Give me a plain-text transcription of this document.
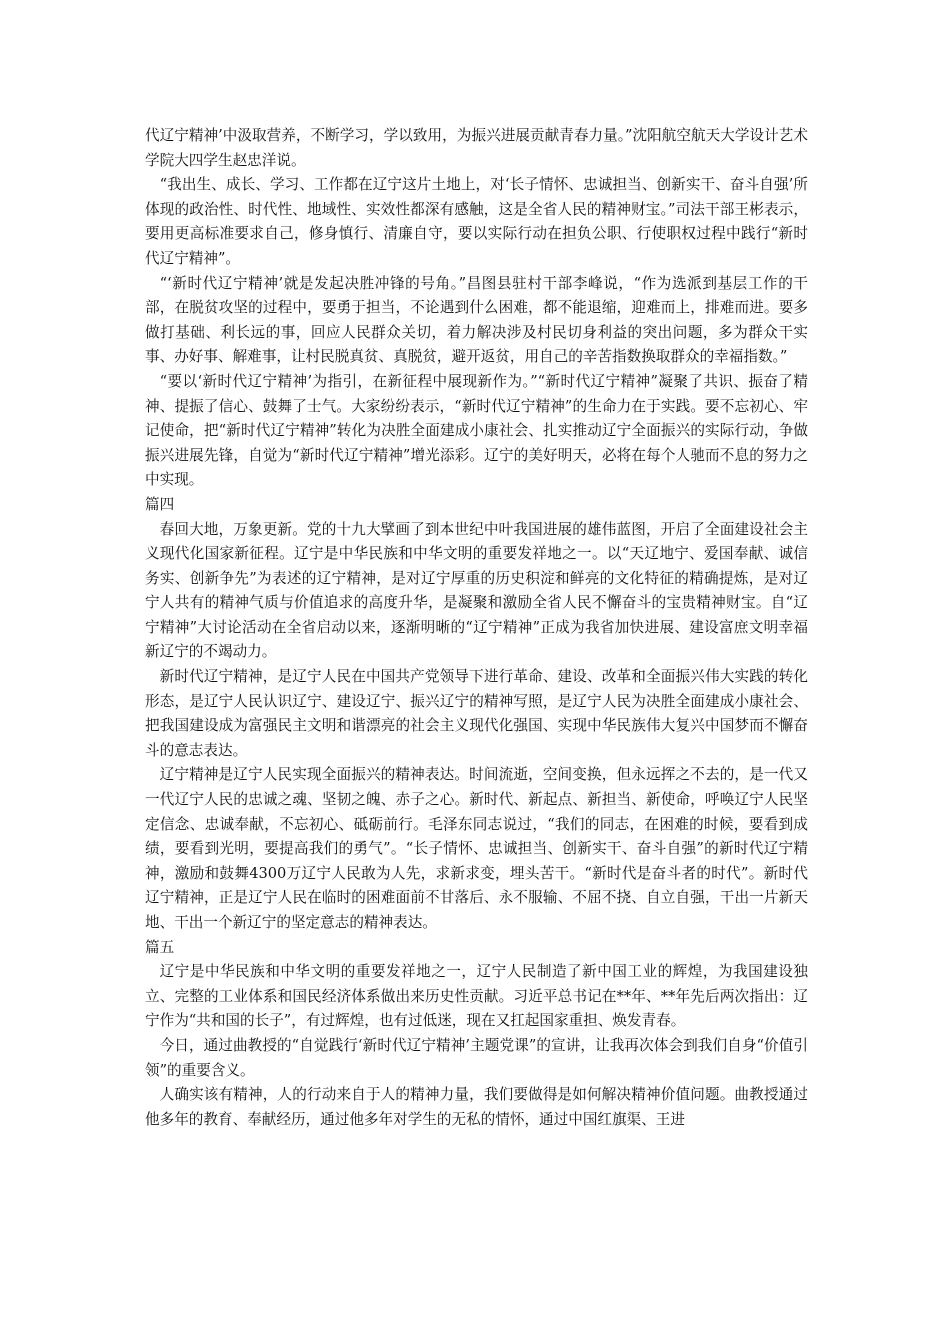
代辽宁精神’中汲取营养，不断学习，学以致用，为振兴进展贡献青春力量。”沈阳航空航天大学设计艺术学院大四学生赵忠洋说。

“我出生、成长、学习、工作都在辽宁这片土地上，对‘长子情怀、忠诚担当、创新实干、奋斗自强’所体现的政治性、时代性、地域性、实效性都深有感触，这是全省人民的精神财宝。”司法干部王彬表示，要用更高标准要求自己，修身慎行、清廉自守，要以实际行动在担负公职、行使职权过程中践行“新时代辽宁精神”。

“‘新时代辽宁精神’就是发起决胜冲锋的号角。”昌图县驻村干部李峰说，“作为选派到基层工作的干部，在脱贫攻坚的过程中，要勇于担当，不论遇到什么困难，都不能退缩，迎难而上，排难而进。要多做打基础、利长远的事，回应人民群众关切，着力解决涉及村民切身利益的突出问题，多为群众干实事、办好事、解难事，让村民脱真贫、真脱贫，避开返贫，用自己的辛苦指数换取群众的幸福指数。”

“要以‘新时代辽宁精神’为指引，在新征程中展现新作为。”“新时代辽宁精神”凝聚了共识、振奋了精神、提振了信心、鼓舞了士气。大家纷纷表示，“新时代辽宁精神”的生命力在于实践。要不忘初心、牢记使命，把“新时代辽宁精神”转化为决胜全面建成小康社会、扎实推动辽宁全面振兴的实际行动，争做振兴进展先锋，自觉为“新时代辽宁精神”增光添彩。辽宁的美好明天，必将在每个人驰而不息的努力之中实现。

篇四

春回大地，万象更新。党的十九大擘画了到本世纪中叶我国进展的雄伟蓝图，开启了全面建设社会主义现代化国家新征程。辽宁是中华民族和中华文明的重要发祥地之一。以“天辽地宁、爱国奉献、诚信务实、创新争先”为表述的辽宁精神，是对辽宁厚重的历史积淀和鲜亮的文化特征的精确提炼，是对辽宁人共有的精神气质与价值追求的高度升华，是凝聚和激励全省人民不懈奋斗的宝贵精神财宝。自“辽宁精神”大讨论活动在全省启动以来，逐渐明晰的“辽宁精神”正成为我省加快进展、建设富庶文明幸福新辽宁的不竭动力。

新时代辽宁精神，是辽宁人民在中国共产党领导下进行革命、建设、改革和全面振兴伟大实践的转化形态，是辽宁人民认识辽宁、建设辽宁、振兴辽宁的精神写照，是辽宁人民为决胜全面建成小康社会、把我国建设成为富强民主文明和谐漂亮的社会主义现代化强国、实现中华民族伟大复兴中国梦而不懈奋斗的意志表达。

辽宁精神是辽宁人民实现全面振兴的精神表达。时间流逝，空间变换，但永远挥之不去的，是一代又一代辽宁人民的忠诚之魂、坚韧之魄、赤子之心。新时代、新起点、新担当、新使命，呼唤辽宁人民坚定信念、忠诚奉献，不忘初心、砥砺前行。毛泽东同志说过，“我们的同志，在困难的时候，要看到成绩，要看到光明，要提高我们的勇气”。“长子情怀、忠诚担当、创新实干、奋斗自强”的新时代辽宁精神，激励和鼓舞4300万辽宁人民敢为人先，求新求变，埋头苦干。“新时代是奋斗者的时代”。新时代辽宁精神，正是辽宁人民在临时的困难面前不甘落后、永不服输、不屈不挠、自立自强，干出一片新天地、干出一个新辽宁的坚定意志的精神表达。

篇五

辽宁是中华民族和中华文明的重要发祥地之一，辽宁人民制造了新中国工业的辉煌，为我国建设独立、完整的工业体系和国民经济体系做出来历史性贡献。习近平总书记在**年、**年先后两次指出：辽宁作为“共和国的长子”，有过辉煌，也有过低迷，现在又扛起国家重担、焕发青春。

今日，通过曲教授的“自觉践行‘新时代辽宁精神’主题党课”的宣讲，让我再次体会到我们自身“价值引领”的重要含义。

人确实该有精神，人的行动来自于人的精神力量，我们要做得是如何解决精神价值问题。曲教授通过他多年的教育、奉献经历，通过他多年对学生的无私的情怀，通过中国红旗渠、王进
